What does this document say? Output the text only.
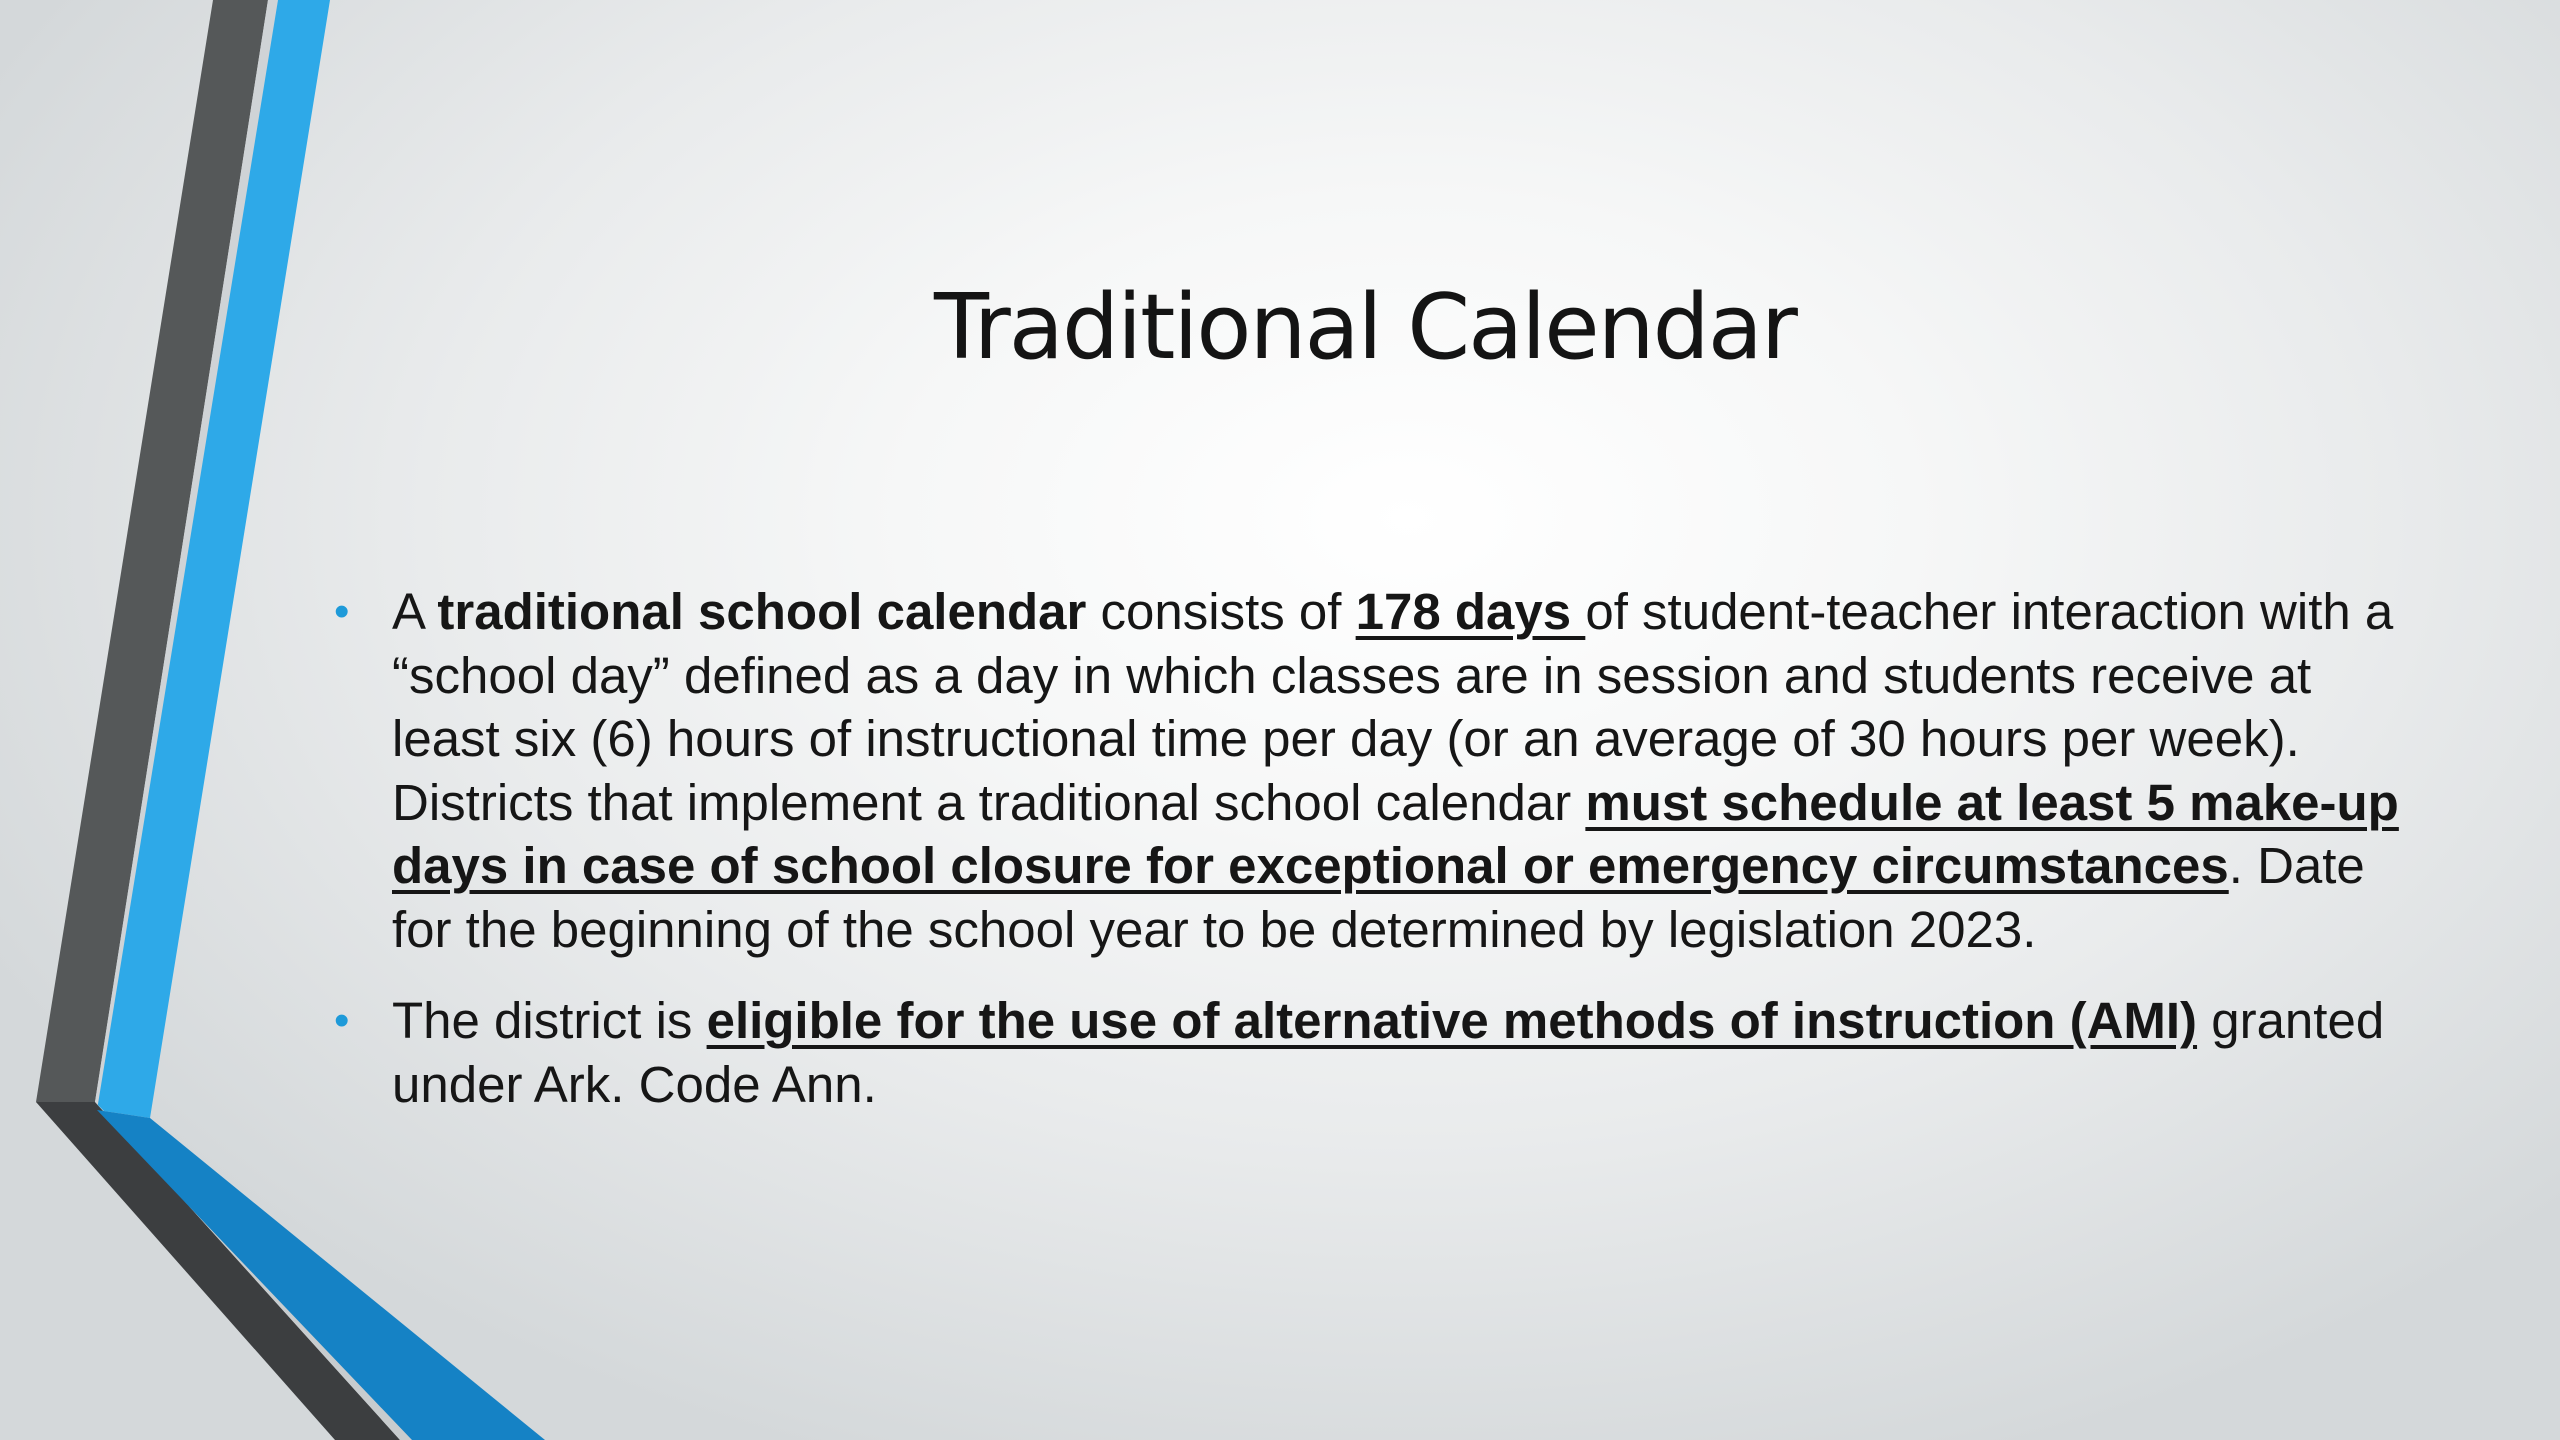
Traditional Calendar
• A traditional school calendar consists of 178 days of student-teacher interaction with a “school day” defined as a day in which classes are in session and students receive at least six (6) hours of instructional time per day (or an average of 30 hours per week). Districts that implement a traditional school calendar must schedule at least 5 make-up days in case of school closure for exceptional or emergency circumstances. Date for the beginning of the school year to be determined by legislation 2023.
• The district is eligible for the use of alternative methods of instruction (AMI) granted under Ark. Code Ann.
